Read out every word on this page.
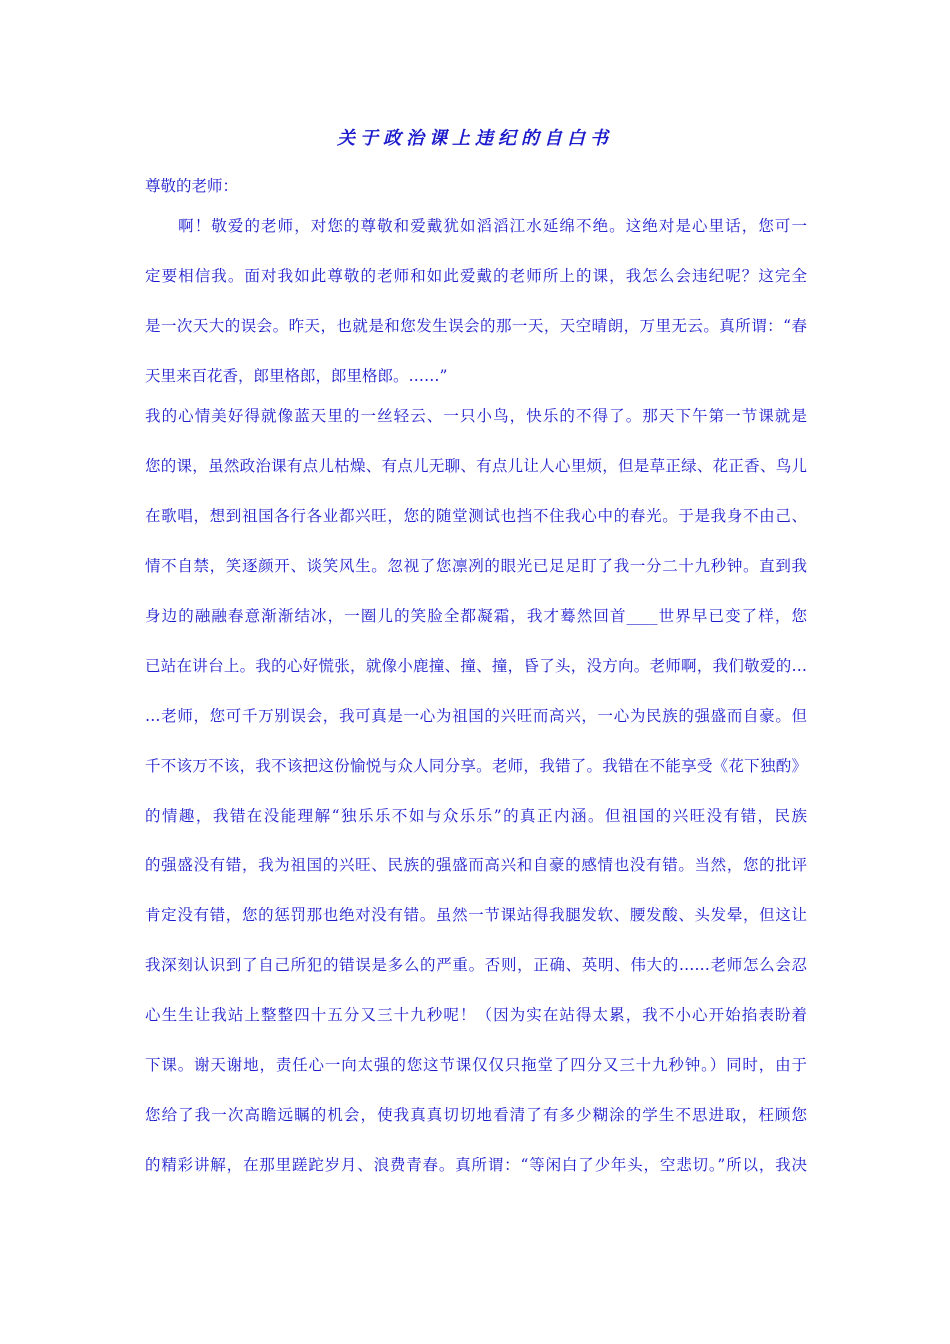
关于政治课上违纪的自白书
尊敬的老师：
　　啊！敬爱的老师，对您的尊敬和爱戴犹如滔滔江水延绵不绝。这绝对是心里话，您可一
定要相信我。面对我如此尊敬的老师和如此爱戴的老师所上的课，我怎么会违纪呢？这完全
是一次天大的误会。昨天，也就是和您发生误会的那一天，天空晴朗，万里无云。真所谓：“春
天里来百花香，郎里格郎，郎里格郎。……”
我的心情美好得就像蓝天里的一丝轻云、一只小鸟，快乐的不得了。那天下午第一节课就是
您的课，虽然政治课有点儿枯燥、有点儿无聊、有点儿让人心里烦，但是草正绿、花正香、鸟儿
在歌唱，想到祖国各行各业都兴旺，您的随堂测试也挡不住我心中的春光。于是我身不由己、
情不自禁，笑逐颜开、谈笑风生。忽视了您凛冽的眼光已足足盯了我一分二十九秒钟。直到我
身边的融融春意渐渐结冰，一圈儿的笑脸全都凝霜，我才蓦然回首____世界早已变了样，您
已站在讲台上。我的心好慌张，就像小鹿撞、撞、撞，昏了头，没方向。老师啊，我们敬爱的…
…老师，您可千万别误会，我可真是一心为祖国的兴旺而高兴，一心为民族的强盛而自豪。但
千不该万不该，我不该把这份愉悦与众人同分享。老师，我错了。我错在不能享受《花下独酌》
的情趣，我错在没能理解“独乐乐不如与众乐乐”的真正内涵。但祖国的兴旺没有错，民族
的强盛没有错，我为祖国的兴旺、民族的强盛而高兴和自豪的感情也没有错。当然，您的批评
肯定没有错，您的惩罚那也绝对没有错。虽然一节课站得我腿发软、腰发酸、头发晕，但这让
我深刻认识到了自己所犯的错误是多么的严重。否则，正确、英明、伟大的……老师怎么会忍
心生生让我站上整整四十五分又三十九秒呢！（因为实在站得太累，我不小心开始掐表盼着
下课。谢天谢地，责任心一向太强的您这节课仅仅只拖堂了四分又三十九秒钟。）同时，由于
您给了我一次高瞻远瞩的机会，使我真真切切地看清了有多少糊涂的学生不思进取，枉顾您
的精彩讲解，在那里蹉跎岁月、浪费青春。真所谓：“等闲白了少年头，空悲切。”所以，我决
